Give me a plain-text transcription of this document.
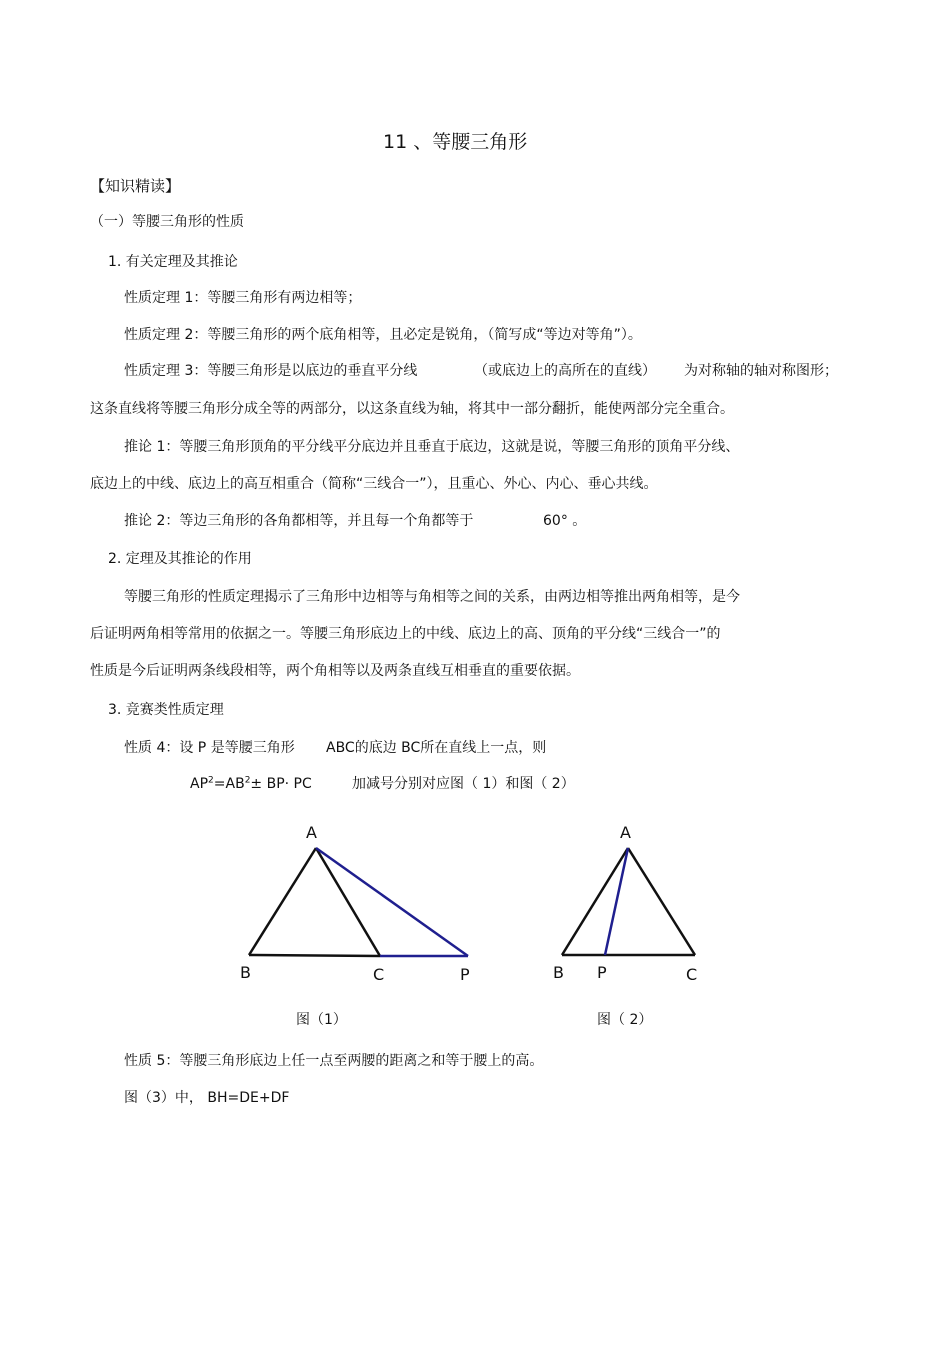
11 、等腰三角形
【知识精读】
（一）等腰三角形的性质
1. 有关定理及其推论
性质定理 1：等腰三角形有两边相等；
性质定理 2：等腰三角形的两个底角相等，且必定是锐角，（简写成“等边对等角”）。
性质定理 3：等腰三角形是以底边的垂直平分线	（或底边上的高所在的直线） 为对称轴的轴对称图形；
这条直线将等腰三角形分成全等的两部分，以这条直线为轴，将其中一部分翻折，能使两部分完全重合。
推论 1：等腰三角形顶角的平分线平分底边并且垂直于底边，这就是说，等腰三角形的顶角平分线、
底边上的中线、底边上的高互相重合（简称“三线合一”），且重心、外心、内心、垂心共线。
推论 2：等边三角形的各角都相等，并且每一个角都等于	60° 。
2. 定理及其推论的作用
等腰三角形的性质定理揭示了三角形中边相等与角相等之间的关系，由两边相等推出两角相等，是今
后证明两角相等常用的依据之一。等腰三角形底边上的中线、底边上的高、顶角的平分线“三线合一”的
性质是今后证明两条线段相等，两个角相等以及两条直线互相垂直的重要依据。
3. 竞赛类性质定理
性质 4：设 P 是等腰三角形 ABC的底边 BC所在直线上一点，则
$AP^2=AB^2\pm BP\cdot$ PC	加减号分别对应图（ 1）和图（ 2）
A
B	C	P
图（1）
A
B P	C
图（ 2）
性质 5：等腰三角形底边上任一点至两腰的距离之和等于腰上的高。
图（3）中， BH=DE+DF
